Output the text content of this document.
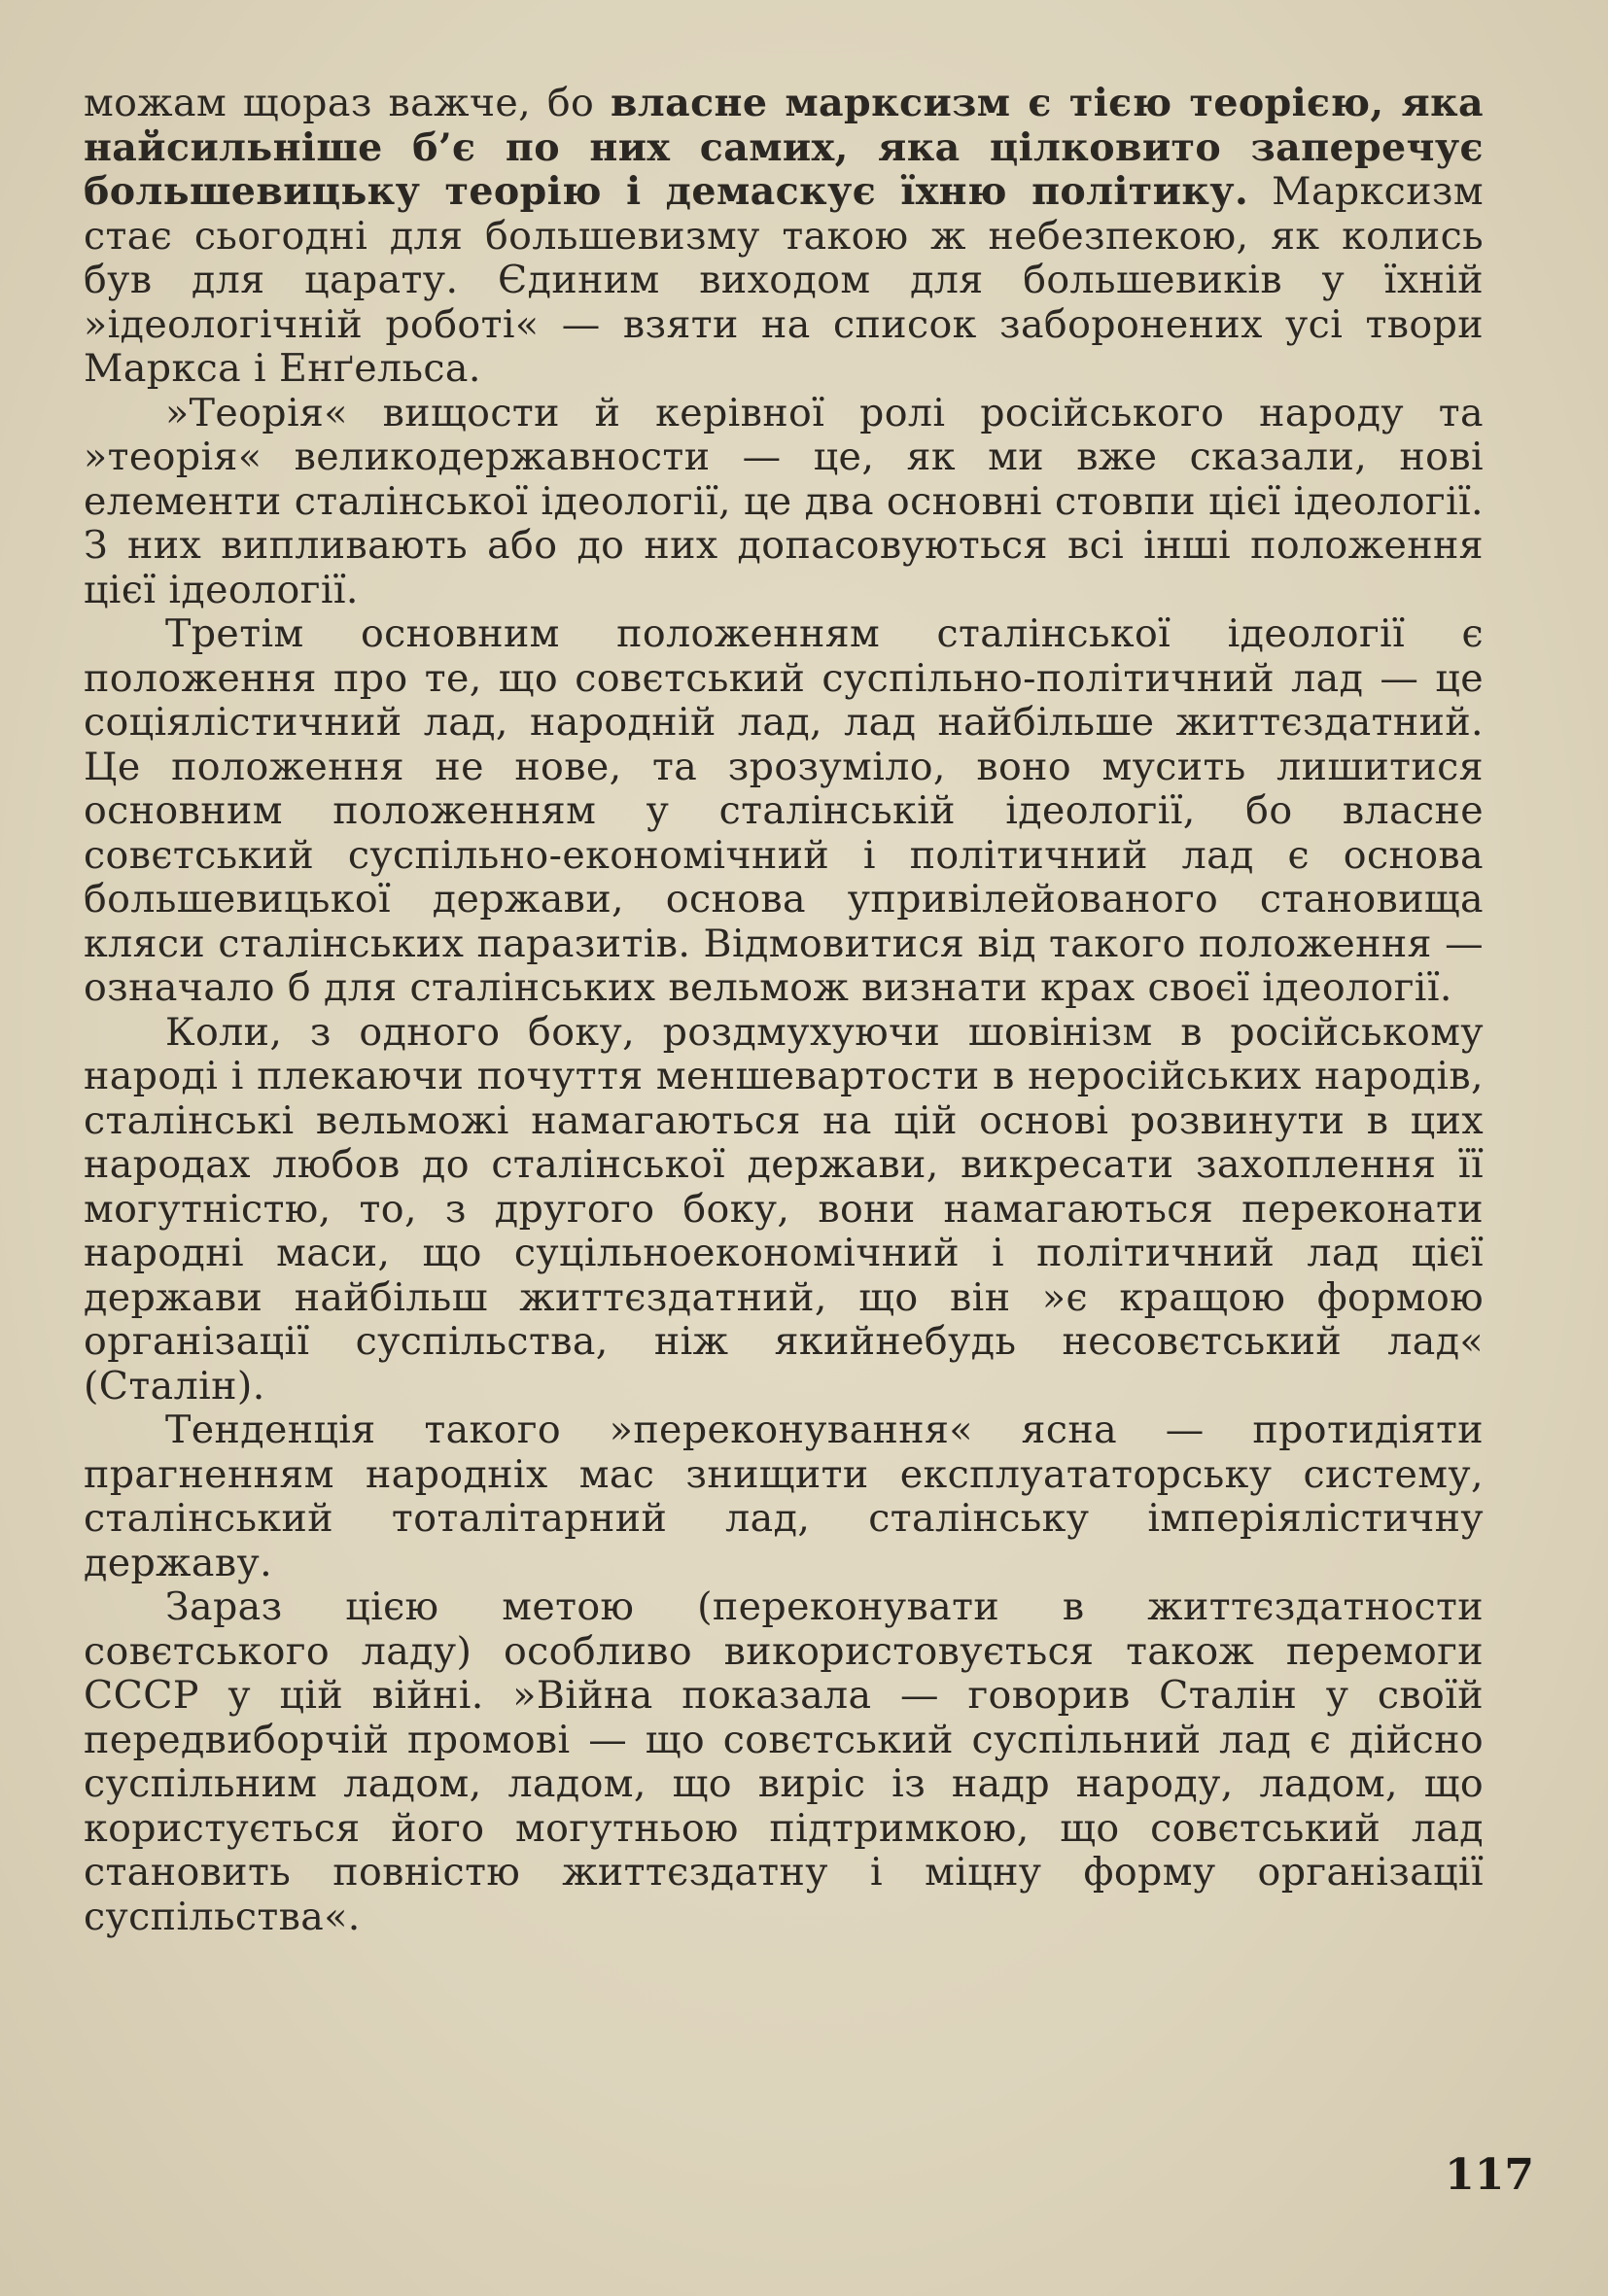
можам щораз важче, бо власне марксизм є тією теорією, яка найсильніше б’є по них самих, яка цілковито заперечує большевицьку теорію і демаскує їхню політику. Марксизм стає сьогодні для большевизму такою ж небезпекою, як колись був для царату. Єдиним виходом для большевиків у їхній »ідеологічній роботі« — взяти на список заборонених усі твори Маркса і Енґельса.

»Теорія« вищости й керівної ролі російського народу та »теорія« великодержавности — це, як ми вже сказали, нові елементи сталінської ідеології, це два основні стовпи цієї ідеології. З них випливають або до них допасовуються всі інші положення цієї ідеології.

Третім основним положенням сталінської ідеології є положення про те, що совєтський суспільно-політичний лад — це соціялістичний лад, народній лад, лад найбільше життєздатний. Це положення не нове, та зрозуміло, воно мусить лишитися основним положенням у сталінській ідеології, бо власне совєтський суспільно-економічний і політичний лад є основа большевицької держави, основа упривілейованого становища кляси сталінських паразитів. Відмовитися від такого положення — означало б для сталінських вельмож визнати крах своєї ідеології.

Коли, з одного боку, роздмухуючи шовінізм в російському народі і плекаючи почуття меншевартости в неросійських народів, сталінські вельможі намагаються на цій основі розвинути в цих народах любов до сталінської держави, викресати захоплення її могутністю, то, з другого боку, вони намагаються переконати народні маси, що суцільноекономічний і політичний лад цієї держави найбільш життєздатний, що він »є кращою формою організації суспільства, ніж якийнебудь несовєтський лад« (Сталін).

Тенденція такого »переконування« ясна — протидіяти прагненням народніх мас знищити експлуататорську систему, сталінський тоталітарний лад, сталінську імперіялістичну державу.

Зараз цією метою (переконувати в життєздатности совєтського ладу) особливо використовується також перемоги СССР у цій війні. »Війна показала — говорив Сталін у своїй передвиборчій промові — що совєтський суспільний лад є дійсно суспільним ладом, ладом, що виріс із надр народу, ладом, що користується його могутньою підтримкою, що совєтський лад становить повністю життєздатну і міцну форму організації суспільства«.

117
